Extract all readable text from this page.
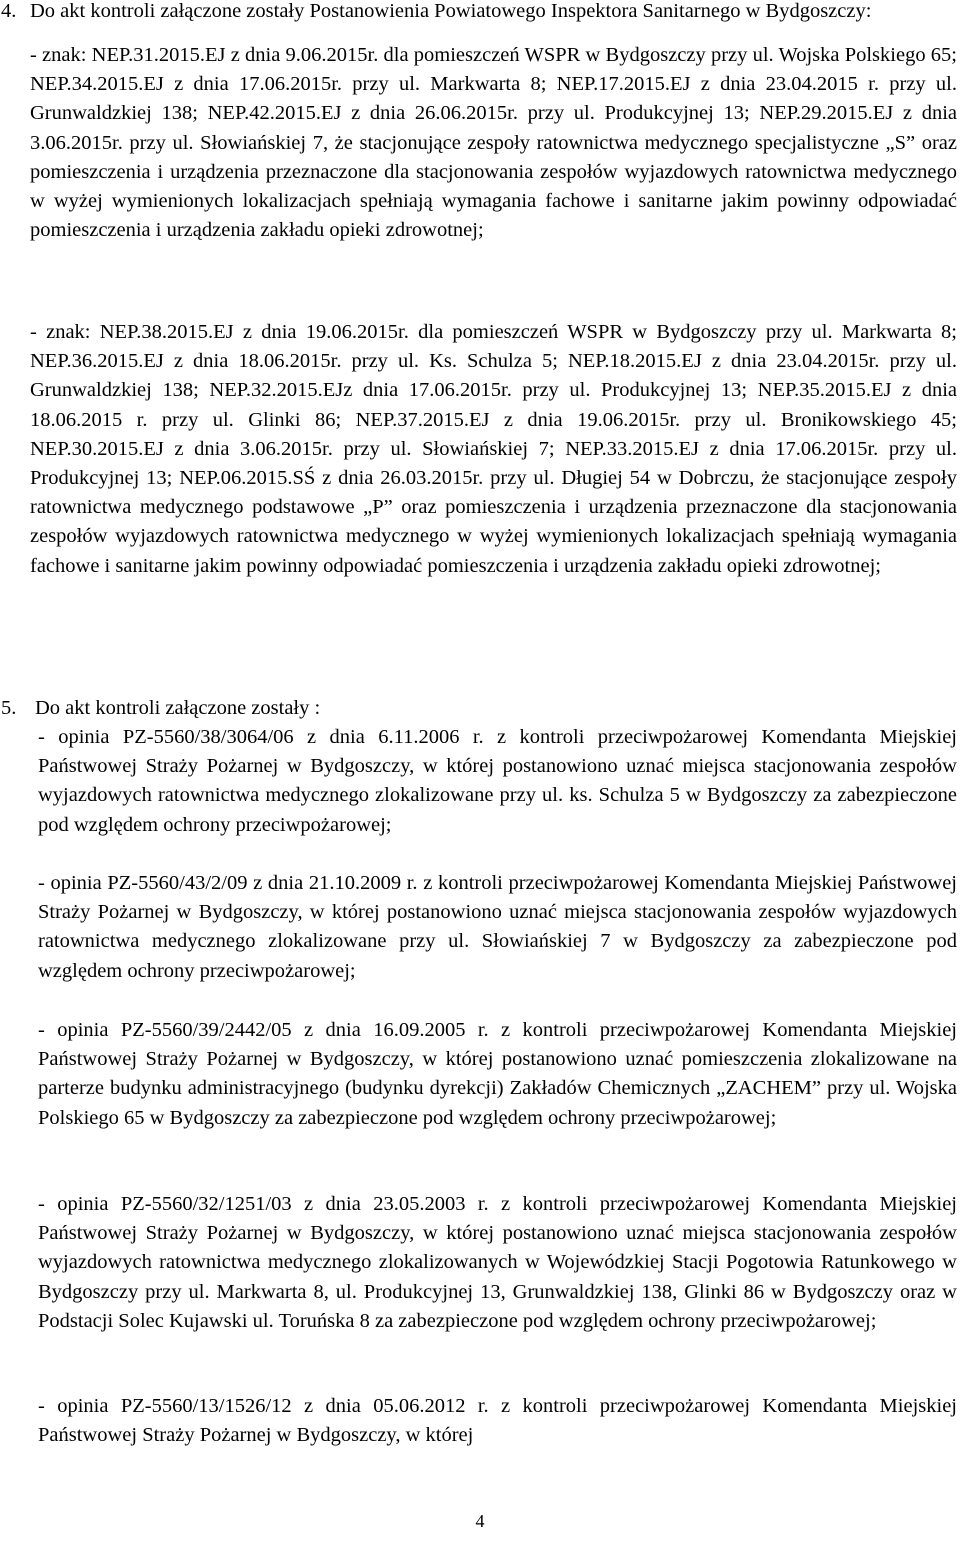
4. Do akt kontroli załączone zostały Postanowienia Powiatowego Inspektora Sanitarnego w Bydgoszczy:
- znak: NEP.31.2015.EJ z dnia 9.06.2015r. dla pomieszczeń WSPR w Bydgoszczy przy ul. Wojska Polskiego 65; NEP.34.2015.EJ z dnia 17.06.2015r. przy ul. Markwarta 8; NEP.17.2015.EJ z dnia 23.04.2015 r. przy ul. Grunwaldzkiej 138; NEP.42.2015.EJ z dnia 26.06.2015r. przy ul. Produkcyjnej 13; NEP.29.2015.EJ z dnia 3.06.2015r. przy ul. Słowiańskiej 7, że stacjonujące zespoły ratownictwa medycznego specjalistyczne „S” oraz pomieszczenia i urządzenia przeznaczone dla stacjonowania zespołów wyjazdowych ratownictwa medycznego w wyżej wymienionych lokalizacjach spełniają wymagania fachowe i sanitarne jakim powinny odpowiadać pomieszczenia i urządzenia zakładu opieki zdrowotnej;
- znak: NEP.38.2015.EJ z dnia 19.06.2015r. dla pomieszczeń WSPR w Bydgoszczy przy ul. Markwarta 8; NEP.36.2015.EJ z dnia 18.06.2015r. przy ul. Ks. Schulza 5; NEP.18.2015.EJ z dnia 23.04.2015r. przy ul. Grunwaldzkiej 138; NEP.32.2015.EJz dnia 17.06.2015r. przy ul. Produkcyjnej 13; NEP.35.2015.EJ z dnia 18.06.2015 r. przy ul. Glinki 86; NEP.37.2015.EJ z dnia 19.06.2015r. przy ul. Bronikowskiego 45; NEP.30.2015.EJ z dnia 3.06.2015r. przy ul. Słowiańskiej 7; NEP.33.2015.EJ z dnia 17.06.2015r. przy ul. Produkcyjnej 13; NEP.06.2015.SŚ z dnia 26.03.2015r. przy ul. Długiej 54 w Dobrczu, że stacjonujące zespoły ratownictwa medycznego podstawowe „P” oraz pomieszczenia i urządzenia przeznaczone dla stacjonowania zespołów wyjazdowych ratownictwa medycznego w wyżej wymienionych lokalizacjach spełniają wymagania fachowe i sanitarne jakim powinny odpowiadać pomieszczenia i urządzenia zakładu opieki zdrowotnej;
5. Do akt kontroli załączone zostały :
- opinia PZ-5560/38/3064/06 z dnia 6.11.2006 r. z kontroli przeciwpożarowej Komendanta Miejskiej Państwowej Straży Pożarnej w Bydgoszczy, w której postanowiono uznać miejsca stacjonowania zespołów wyjazdowych ratownictwa medycznego zlokalizowane przy ul. ks. Schulza 5 w Bydgoszczy za zabezpieczone pod względem ochrony przeciwpożarowej;
- opinia PZ-5560/43/2/09 z dnia 21.10.2009 r. z kontroli przeciwpożarowej Komendanta Miejskiej Państwowej Straży Pożarnej w Bydgoszczy, w której postanowiono uznać miejsca stacjonowania zespołów wyjazdowych ratownictwa medycznego zlokalizowane przy ul. Słowiańskiej 7 w Bydgoszczy za zabezpieczone pod względem ochrony przeciwpożarowej;
- opinia PZ-5560/39/2442/05 z dnia 16.09.2005 r. z kontroli przeciwpożarowej Komendanta Miejskiej Państwowej Straży Pożarnej w Bydgoszczy, w której postanowiono uznać pomieszczenia zlokalizowane na parterze budynku administracyjnego (budynku dyrekcji) Zakładów Chemicznych „ZACHEM” przy ul. Wojska Polskiego 65 w Bydgoszczy za zabezpieczone pod względem ochrony przeciwpożarowej;
- opinia PZ-5560/32/1251/03 z dnia 23.05.2003 r. z kontroli przeciwpożarowej Komendanta Miejskiej Państwowej Straży Pożarnej w Bydgoszczy, w której postanowiono uznać miejsca stacjonowania zespołów wyjazdowych ratownictwa medycznego zlokalizowanych w Wojewódzkiej Stacji Pogotowia Ratunkowego w Bydgoszczy przy ul. Markwarta 8, ul. Produkcyjnej 13, Grunwaldzkiej 138, Glinki 86 w Bydgoszczy oraz w Podstacji Solec Kujawski ul. Toruńska 8 za zabezpieczone pod względem ochrony przeciwpożarowej;
- opinia PZ-5560/13/1526/12 z dnia 05.06.2012 r. z kontroli przeciwpożarowej Komendanta Miejskiej Państwowej Straży Pożarnej w Bydgoszczy, w której
4
